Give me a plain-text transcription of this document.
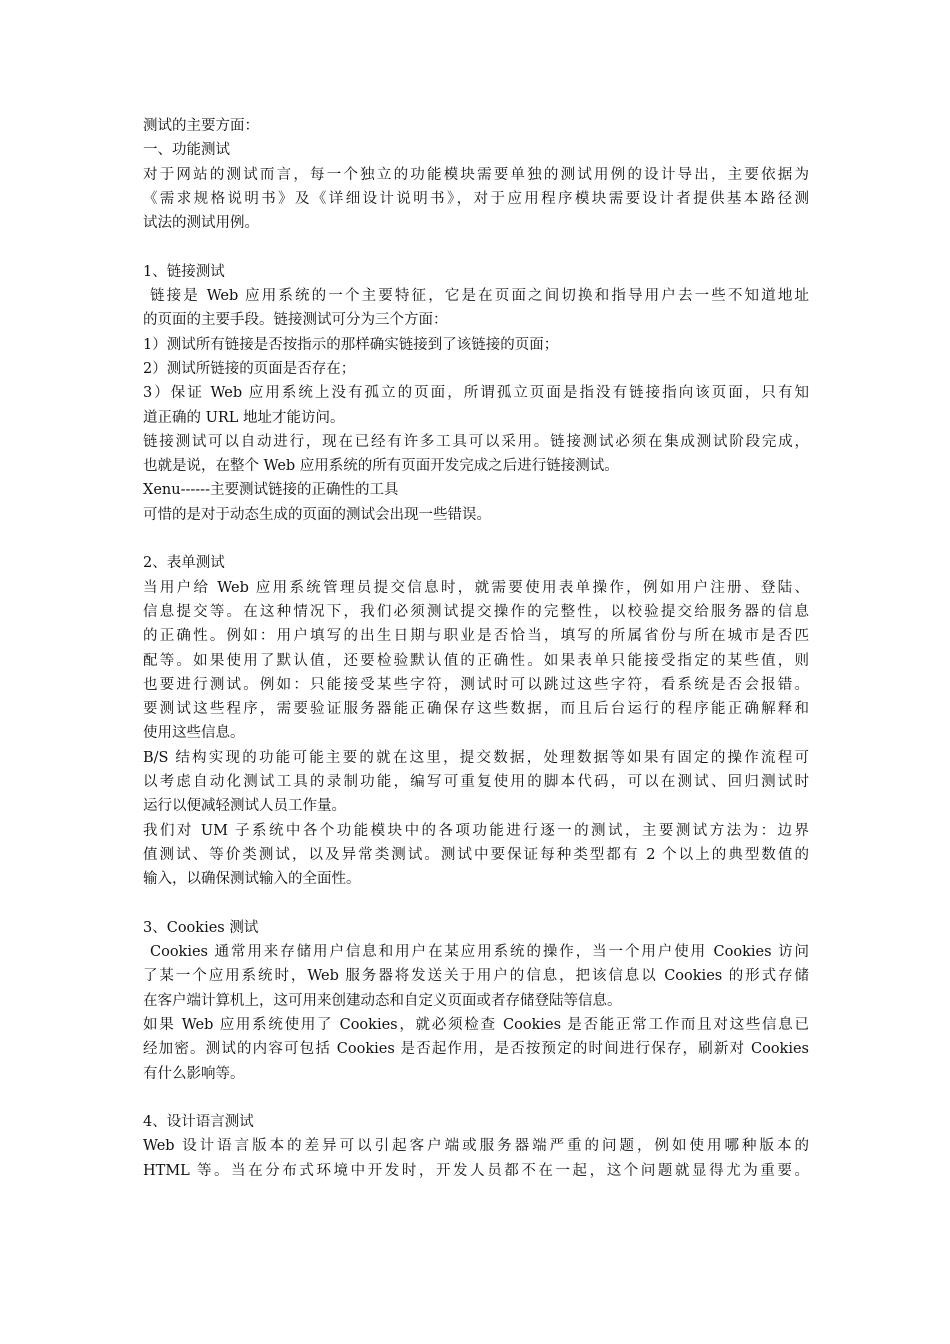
测试的主要方面：
一、功能测试
对于网站的测试而言，每一个独立的功能模块需要单独的测试用例的设计导出，主要依据为
《需求规格说明书》及《详细设计说明书》，对于应用程序模块需要设计者提供基本路径测
试法的测试用例。
1、链接测试
链接是 Web 应用系统的一个主要特征，它是在页面之间切换和指导用户去一些不知道地址
的页面的主要手段。链接测试可分为三个方面：
1）测试所有链接是否按指示的那样确实链接到了该链接的页面；
2）测试所链接的页面是否存在；
3）保证 Web 应用系统上没有孤立的页面，所谓孤立页面是指没有链接指向该页面，只有知
道正确的 URL 地址才能访问。
链接测试可以自动进行，现在已经有许多工具可以采用。链接测试必须在集成测试阶段完成，
也就是说，在整个 Web 应用系统的所有页面开发完成之后进行链接测试。
Xenu------主要测试链接的正确性的工具
可惜的是对于动态生成的页面的测试会出现一些错误。
2、表单测试
当用户给 Web 应用系统管理员提交信息时，就需要使用表单操作，例如用户注册、登陆、
信息提交等。在这种情况下，我们必须测试提交操作的完整性，以校验提交给服务器的信息
的正确性。例如：用户填写的出生日期与职业是否恰当，填写的所属省份与所在城市是否匹
配等。如果使用了默认值，还要检验默认值的正确性。如果表单只能接受指定的某些值，则
也要进行测试。例如：只能接受某些字符，测试时可以跳过这些字符，看系统是否会报错。
要测试这些程序，需要验证服务器能正确保存这些数据，而且后台运行的程序能正确解释和
使用这些信息。
B/S 结构实现的功能可能主要的就在这里，提交数据，处理数据等如果有固定的操作流程可
以考虑自动化测试工具的录制功能，编写可重复使用的脚本代码，可以在测试、回归测试时
运行以便减轻测试人员工作量。
我们对 UM 子系统中各个功能模块中的各项功能进行逐一的测试，主要测试方法为：边界
值测试、等价类测试，以及异常类测试。测试中要保证每种类型都有 2 个以上的典型数值的
输入，以确保测试输入的全面性。
3、Cookies 测试
Cookies 通常用来存储用户信息和用户在某应用系统的操作，当一个用户使用 Cookies 访问
了某一个应用系统时，Web 服务器将发送关于用户的信息，把该信息以 Cookies 的形式存储
在客户端计算机上，这可用来创建动态和自定义页面或者存储登陆等信息。
如果 Web 应用系统使用了 Cookies，就必须检查 Cookies 是否能正常工作而且对这些信息已
经加密。测试的内容可包括 Cookies 是否起作用，是否按预定的时间进行保存，刷新对 Cookies
有什么影响等。
4、设计语言测试
Web 设计语言版本的差异可以引起客户端或服务器端严重的问题，例如使用哪种版本的
HTML 等。当在分布式环境中开发时，开发人员都不在一起，这个问题就显得尤为重要。
